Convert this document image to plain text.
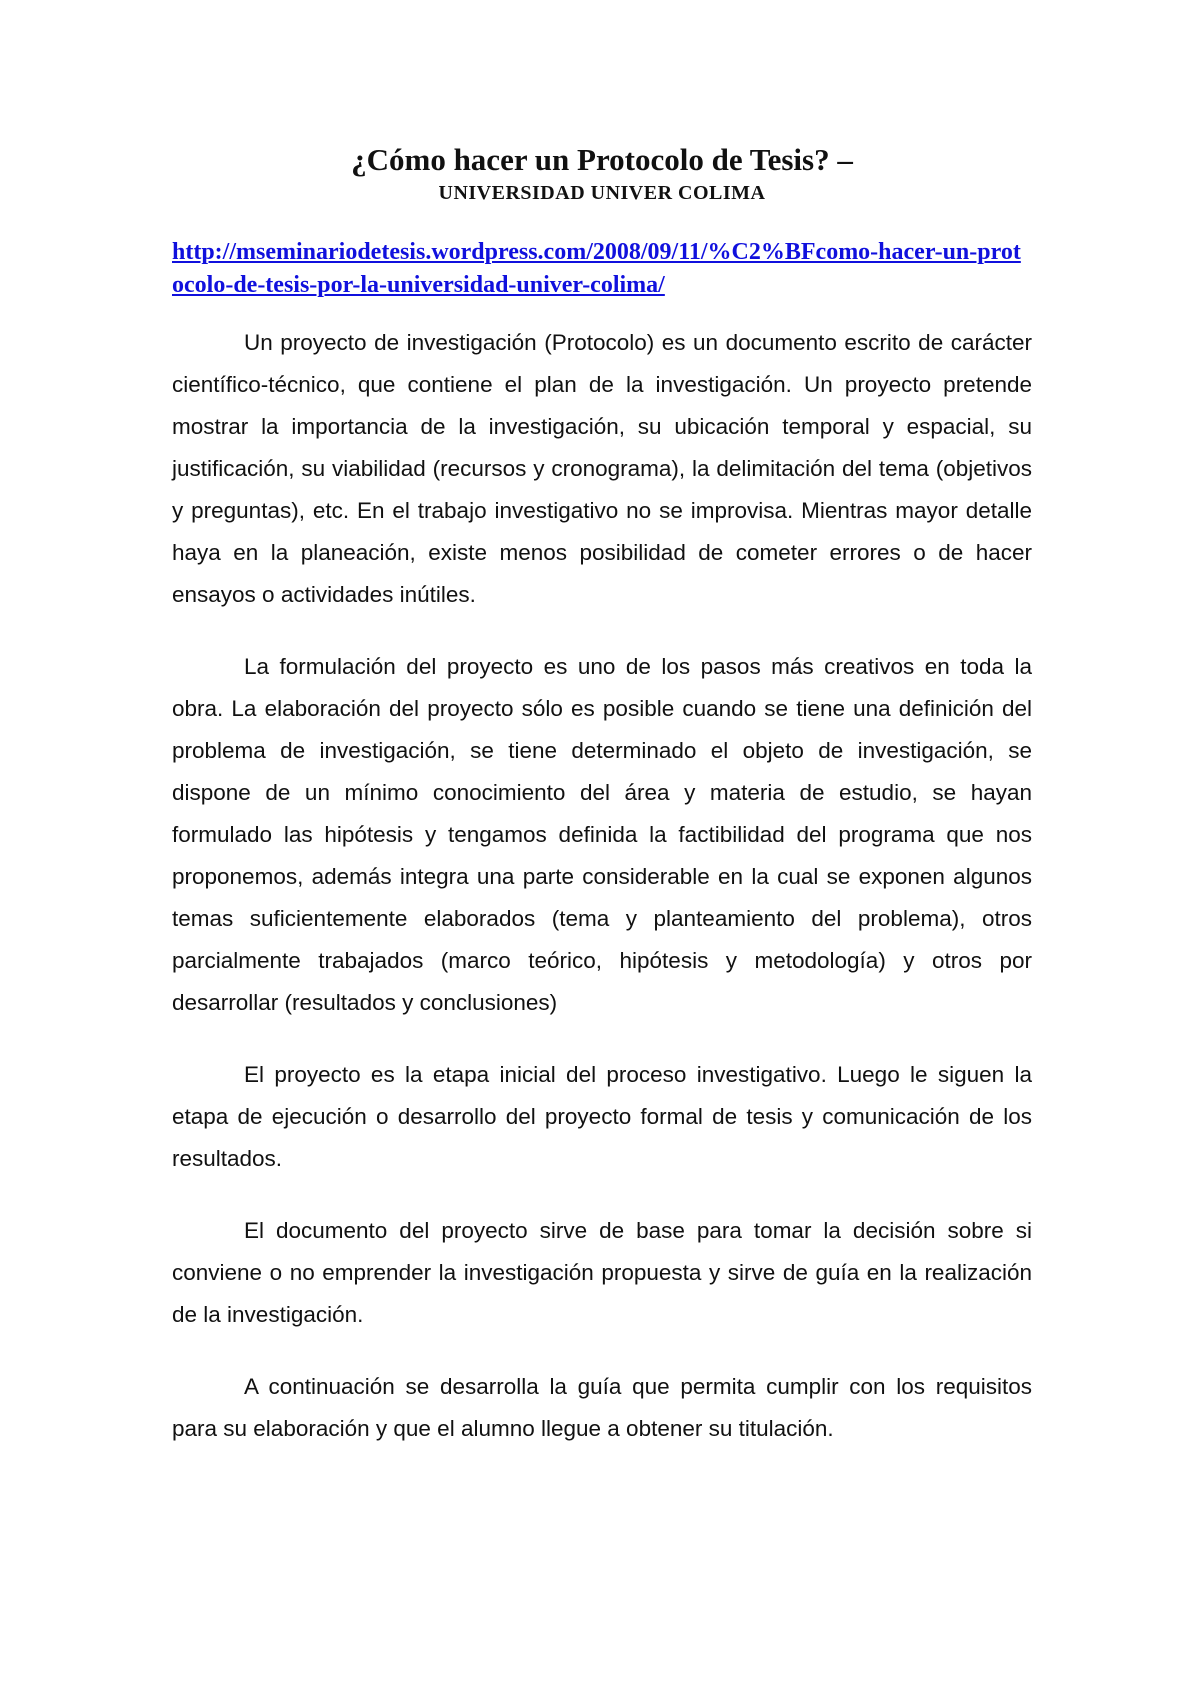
¿Cómo hacer un Protocolo de Tesis? –
UNIVERSIDAD UNIVER COLIMA
http://mseminariodetesis.wordpress.com/2008/09/11/%C2%BFcomo-hacer-un-protocolo-de-tesis-por-la-universidad-univer-colima/

Un proyecto de investigación (Protocolo) es un documento escrito de carácter científico-técnico, que contiene el plan de la investigación. Un proyecto pretende mostrar la importancia de la investigación, su ubicación temporal y espacial, su justificación, su viabilidad (recursos y cronograma), la delimitación del tema (objetivos y preguntas), etc. En el trabajo investigativo no se improvisa. Mientras mayor detalle haya en la planeación, existe menos posibilidad de cometer errores o de hacer ensayos o actividades inútiles.

La formulación del proyecto es uno de los pasos más creativos en toda la obra. La elaboración del proyecto sólo es posible cuando se tiene una definición del problema de investigación, se tiene determinado el objeto de investigación, se dispone de un mínimo conocimiento del área y materia de estudio, se hayan formulado las hipótesis y tengamos definida la factibilidad del programa que nos proponemos, además integra una parte considerable en la cual se exponen algunos temas suficientemente elaborados (tema y planteamiento del problema), otros parcialmente trabajados (marco teórico, hipótesis y metodología) y otros por desarrollar (resultados y conclusiones)

El proyecto es la etapa inicial del proceso investigativo. Luego le siguen la etapa de ejecución o desarrollo del proyecto formal de tesis y comunicación de los resultados.

El documento del proyecto sirve de base para tomar la decisión sobre si conviene o no emprender la investigación propuesta y sirve de guía en la realización de la investigación.

A continuación se desarrolla la guía que permita cumplir con los requisitos para su elaboración y que el alumno llegue a obtener su titulación.
